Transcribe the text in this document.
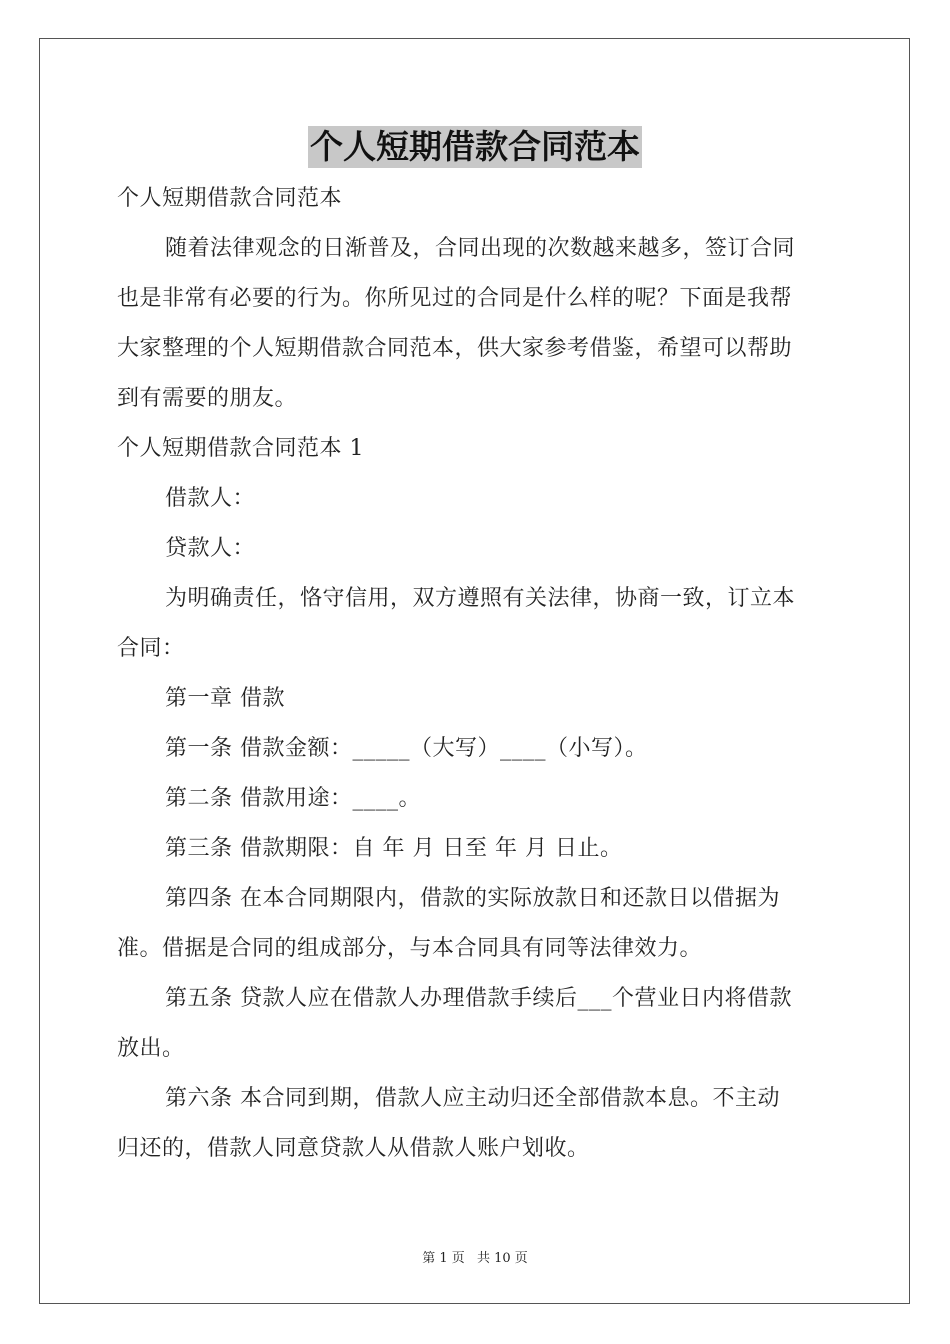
个人短期借款合同范本
个人短期借款合同范本
随着法律观念的日渐普及，合同出现的次数越来越多，签订合同
也是非常有必要的行为。你所见过的合同是什么样的呢？下面是我帮
大家整理的个人短期借款合同范本，供大家参考借鉴，希望可以帮助
到有需要的朋友。
个人短期借款合同范本 1
借款人：
贷款人：
为明确责任，恪守信用，双方遵照有关法律，协商一致，订立本
合同：
第一章 借款
第一条 借款金额：_____（大写）____（小写）。
第二条 借款用途：____。
第三条 借款期限：自 年 月 日至 年 月 日止。
第四条 在本合同期限内，借款的实际放款日和还款日以借据为
准。借据是合同的组成部分，与本合同具有同等法律效力。
第五条 贷款人应在借款人办理借款手续后___个营业日内将借款
放出。
第六条 本合同到期，借款人应主动归还全部借款本息。不主动
归还的，借款人同意贷款人从借款人账户划收。
第 1 页 共 10 页
